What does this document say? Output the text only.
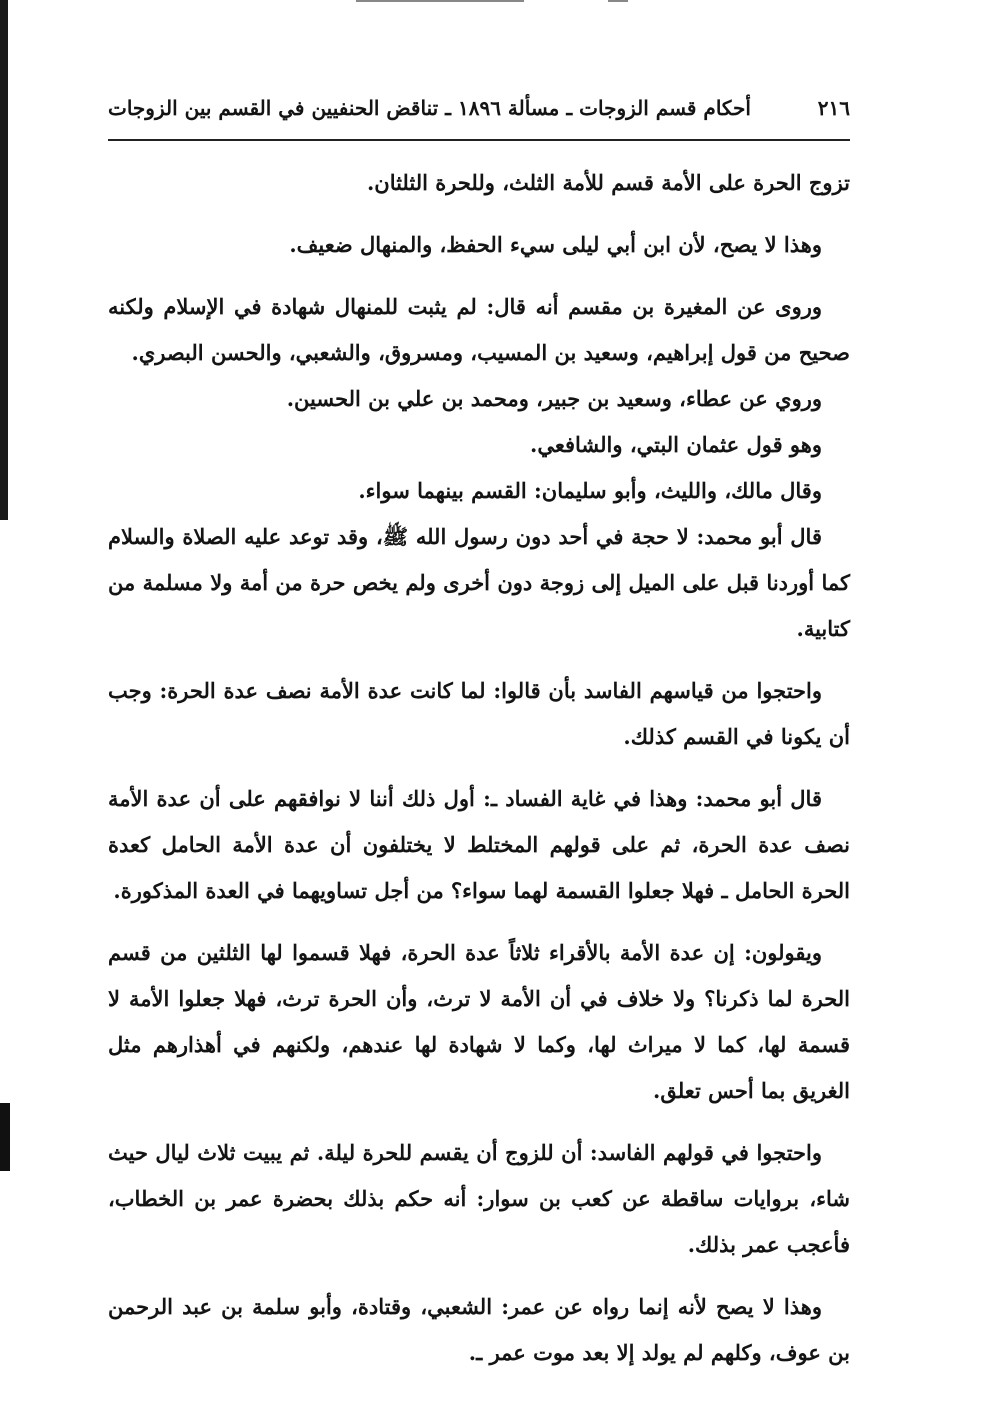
٢١٦
أحكام قسم الزوجات ـ مسألة ١٨٩٦ ـ تناقض الحنفيين في القسم بين الزوجات

تزوج الحرة على الأمة قسم للأمة الثلث، وللحرة الثلثان.

وهذا لا يصح، لأن ابن أبي ليلى سيء الحفظ، والمنهال ضعيف.

وروى عن المغيرة بن مقسم أنه قال: لم يثبت للمنهال شهادة في الإسلام ولكنه صحيح من قول إبراهيم، وسعيد بن المسيب، ومسروق، والشعبي، والحسن البصري.

وروي عن عطاء، وسعيد بن جبير، ومحمد بن علي بن الحسين.

وهو قول عثمان البتي، والشافعي.

وقال مالك، والليث، وأبو سليمان: القسم بينهما سواء.

قال أبو محمد: لا حجة في أحد دون رسول الله ﷺ، وقد توعد عليه الصلاة والسلام كما أوردنا قبل على الميل إلى زوجة دون أخرى ولم يخص حرة من أمة ولا مسلمة من كتابية.

واحتجوا من قياسهم الفاسد بأن قالوا: لما كانت عدة الأمة نصف عدة الحرة: وجب أن يكونا في القسم كذلك.

قال أبو محمد: وهذا في غاية الفساد ـ: أول ذلك أننا لا نوافقهم على أن عدة الأمة نصف عدة الحرة، ثم على قولهم المختلط لا يختلفون أن عدة الأمة الحامل كعدة الحرة الحامل ـ فهلا جعلوا القسمة لهما سواء؟ من أجل تساويهما في العدة المذكورة.

ويقولون: إن عدة الأمة بالأقراء ثلاثاً عدة الحرة، فهلا قسموا لها الثلثين من قسم الحرة لما ذكرنا؟ ولا خلاف في أن الأمة لا ترث، وأن الحرة ترث، فهلا جعلوا الأمة لا قسمة لها، كما لا ميراث لها، وكما لا شهادة لها عندهم، ولكنهم في أهذارهم مثل الغريق بما أحس تعلق.

واحتجوا في قولهم الفاسد: أن للزوج أن يقسم للحرة ليلة. ثم يبيت ثلاث ليال حيث شاء، بروايات ساقطة عن كعب بن سوار: أنه حكم بذلك بحضرة عمر بن الخطاب، فأعجب عمر بذلك.

وهذا لا يصح لأنه إنما رواه عن عمر: الشعبي، وقتادة، وأبو سلمة بن عبد الرحمن بن عوف، وكلهم لم يولد إلا بعد موت عمر ـ.
